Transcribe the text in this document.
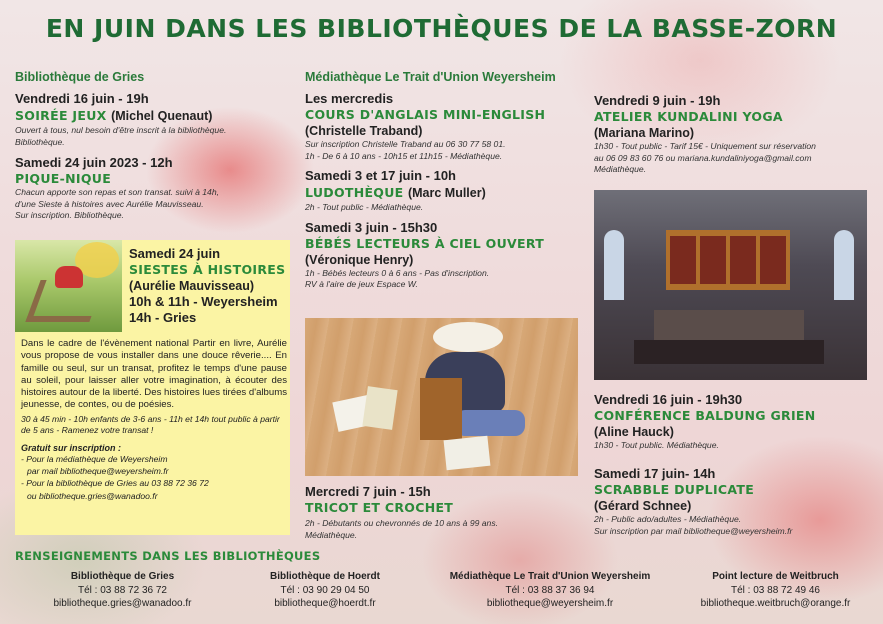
EN JUIN DANS LES BIBLIOTHÈQUES DE LA BASSE-ZORN
Bibliothèque de Gries
Vendredi 16 juin - 19h
SOIRÉE JEUX (Michel Quenaut)
Ouvert à tous, nul besoin d'être inscrit à la bibliothèque.
Bibliothèque.
Samedi 24 juin 2023 - 12h
PIQUE-NIQUE
Chacun apporte son repas et son transat. suivi à 14h,
d'une Sieste à histoires avec Aurélie Mauvisseau.
Sur inscription. Bibliothèque.
Samedi 24 juin
SIESTES À HISTOIRES
(Aurélie Mauvisseau)
10h & 11h - Weyersheim
14h - Gries
Dans le cadre de l'évènement national Partir en livre, Aurélie vous propose de vous installer dans une douce rêverie.... En famille ou seul, sur un transat, profitez le temps d'une pause au soleil, pour laisser aller votre imagination, à écouter des histoires autour de la liberté. Des histoires lues tirées d'albums jeunesse, de contes, ou de poésies.
30 à 45 min - 10h enfants de 3-6 ans - 11h et 14h tout public à partir de 5 ans - Ramenez votre transat !
Gratuit sur inscription :
- Pour la médiathèque de Weyersheim
par mail bibliotheque@weyersheim.fr
- Pour la bibliothèque de Gries au 03 88 72 36 72
ou bibliotheque.gries@wanadoo.fr
Médiathèque Le Trait d'Union Weyersheim
Les mercredis
COURS D'ANGLAIS MINI-ENGLISH
(Christelle Traband)
Sur inscription Christelle Traband au 06 30 77 58 01.
1h - De 6 à 10 ans - 10h15 et 11h15 - Médiathèque.
Samedi 3 et 17 juin - 10h
LUDOTHÈQUE (Marc Muller)
2h - Tout public - Médiathèque.
Samedi 3 juin - 15h30
BÉBÉS LECTEURS À CIEL OUVERT
(Véronique Henry)
1h - Bébés lecteurs 0 à 6 ans - Pas d'inscription.
RV à l'aire de jeux Espace W.
Mercredi 7 juin - 15h
TRICOT ET CROCHET
2h - Débutants ou chevronnés de 10 ans à 99 ans.
Médiathèque.
Vendredi 9 juin - 19h
ATELIER KUNDALINI YOGA
(Mariana Marino)
1h30 - Tout public - Tarif 15€ - Uniquement sur réservation
au 06 09 83 60 76 ou mariana.kundaliniyoga@gmail.com
Médiathèque.
Vendredi 16 juin - 19h30
CONFÉRENCE BALDUNG GRIEN
(Aline Hauck)
1h30 - Tout public. Médiathèque.
Samedi 17 juin- 14h
SCRABBLE DUPLICATE
(Gérard Schnee)
2h - Public ado/adultes - Médiathèque.
Sur inscription par mail bibliotheque@weyersheim.fr
RENSEIGNEMENTS DANS LES BIBLIOTHÈQUES
Bibliothèque de Gries
Tél : 03 88 72 36 72
bibliotheque.gries@wanadoo.fr
Bibliothèque de Hoerdt
Tél : 03 90 29 04 50
bibliotheque@hoerdt.fr
Médiathèque Le Trait d'Union Weyersheim
Tél : 03 88 37 36 94
bibliotheque@weyersheim.fr
Point lecture de Weitbruch
Tél : 03 88 72 49 46
bibliotheque.weitbruch@orange.fr
